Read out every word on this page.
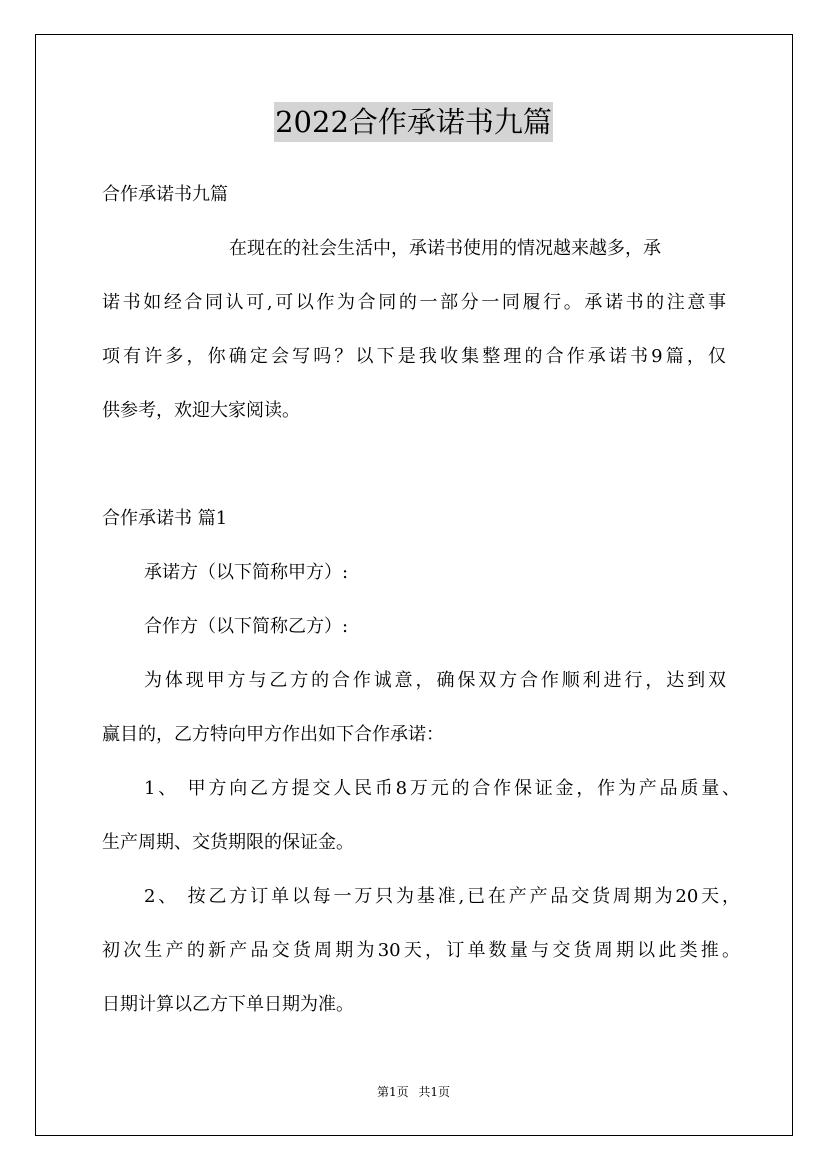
2022合作承诺书九篇
合作承诺书九篇
在现在的社会生活中，承诺书使用的情况越来越多，承
诺书如经合同认可,可以作为合同的一部分一同履行。承诺书的注意事
项有许多，你确定会写吗？以下是我收集整理的合作承诺书9篇，仅
供参考，欢迎大家阅读。
合作承诺书 篇1
承诺方（以下简称甲方）:
合作方（以下简称乙方）:
为体现甲方与乙方的合作诚意，确保双方合作顺利进行，达到双
赢目的，乙方特向甲方作出如下合作承诺：
1、 甲方向乙方提交人民币8万元的合作保证金，作为产品质量、
生产周期、交货期限的保证金。
2、 按乙方订单以每一万只为基准,已在产产品交货周期为20天，
初次生产的新产品交货周期为30天，订单数量与交货周期以此类推。
日期计算以乙方下单日期为准。
第1页 共1页
